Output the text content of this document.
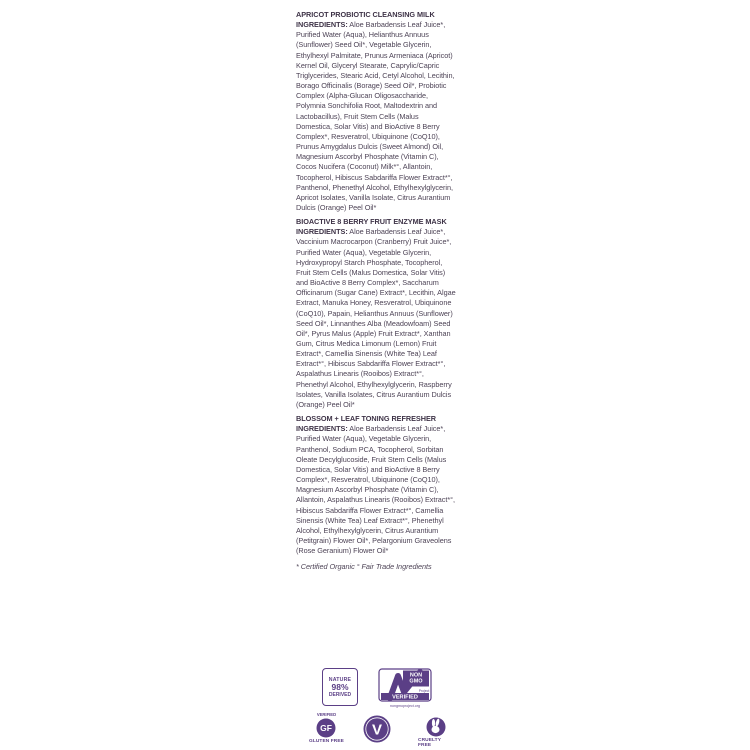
APRICOT PROBIOTIC CLEANSING MILK INGREDIENTS: Aloe Barbadensis Leaf Juice*, Purified Water (Aqua), Helianthus Annuus (Sunflower) Seed Oil*, Vegetable Glycerin, Ethylhexyl Palmitate, Prunus Armeniaca (Apricot) Kernel Oil, Glyceryl Stearate, Caprylic/Capric Triglycerides, Stearic Acid, Cetyl Alcohol, Lecithin, Borago Officinalis (Borage) Seed Oil*, Probiotic Complex (Alpha-Glucan Oligosaccharide, Polymnia Sonchifolia Root, Maltodextrin and Lactobacillus), Fruit Stem Cells (Malus Domestica, Solar Vitis) and BioActive 8 Berry Complex*, Resveratrol, Ubiquinone (CoQ10), Prunus Amygdalus Dulcis (Sweet Almond) Oil, Magnesium Ascorbyl Phosphate (Vitamin C), Cocos Nucifera (Coconut) Milk*°, Allantoin, Tocopherol, Hibiscus Sabdariffa Flower Extract*°, Panthenol, Phenethyl Alcohol, Ethylhexylglycerin, Apricot Isolates, Vanilla Isolate, Citrus Aurantium Dulcis (Orange) Peel Oil*
BIOACTIVE 8 BERRY FRUIT ENZYME MASK INGREDIENTS: Aloe Barbadensis Leaf Juice*, Vaccinium Macrocarpon (Cranberry) Fruit Juice*, Purified Water (Aqua), Vegetable Glycerin, Hydroxypropyl Starch Phosphate, Tocopherol, Fruit Stem Cells (Malus Domestica, Solar Vitis) and BioActive 8 Berry Complex*, Saccharum Officinarum (Sugar Cane) Extract*, Lecithin, Algae Extract, Manuka Honey, Resveratrol, Ubiquinone (CoQ10), Papain, Helianthus Annuus (Sunflower) Seed Oil*, Linnanthes Alba (Meadowfoam) Seed Oil*, Pyrus Malus (Apple) Fruit Extract*, Xanthan Gum, Citrus Medica Limonum (Lemon) Fruit Extract*, Camellia Sinensis (White Tea) Leaf Extract*°, Hibiscus Sabdariffa Flower Extract*°, Aspalathus Linearis (Rooibos) Extract*°, Phenethyl Alcohol, Ethylhexylglycerin, Raspberry Isolates, Vanilla Isolates, Citrus Aurantium Dulcis (Orange) Peel Oil*
BLOSSOM + LEAF TONING REFRESHER INGREDIENTS: Aloe Barbadensis Leaf Juice*, Purified Water (Aqua), Vegetable Glycerin, Panthenol, Sodium PCA, Tocopherol, Sorbitan Oleate Decylglucoside, Fruit Stem Cells (Malus Domestica, Solar Vitis) and BioActive 8 Berry Complex*, Resveratrol, Ubiquinone (CoQ10), Magnesium Ascorbyl Phosphate (Vitamin C), Allantoin, Aspalathus Linearis (Rooibos) Extract*°, Hibiscus Sabdariffa Flower Extract*°, Camellia Sinensis (White Tea) Leaf Extract*°, Phenethyl Alcohol, Ethylhexylglycerin, Citrus Aurantium (Petitgrain) Flower Oil*, Pelargonium Graveolens (Rose Geranium) Flower Oil*
* Certified Organic ° Fair Trade Ingredients
NATURE
98%
DERIVED
NON
GMO
Project
VERIFIED
nongmoproject.org
VERIFIED
GF
GLUTEN FREE
V
CRUELTY FREE
